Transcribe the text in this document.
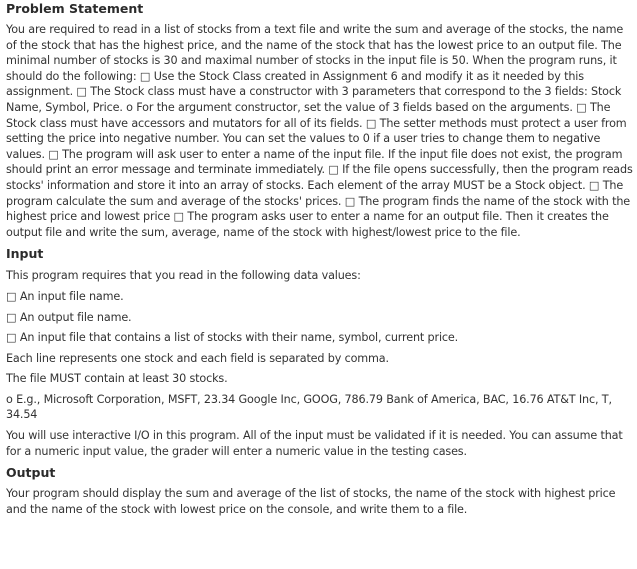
Problem Statement

You are required to read in a list of stocks from a text file and write the sum and average of the stocks, the name of the stock that has the highest price, and the name of the stock that has the lowest price to an output file. The minimal number of stocks is 30 and maximal number of stocks in the input file is 50. When the program runs, it should do the following: □ Use the Stock Class created in Assignment 6 and modify it as it needed by this assignment. □ The Stock class must have a constructor with 3 parameters that correspond to the 3 fields: Stock Name, Symbol, Price. o For the argument constructor, set the value of 3 fields based on the arguments. □ The Stock class must have accessors and mutators for all of its fields. □ The setter methods must protect a user from setting the price into negative number. You can set the values to 0 if a user tries to change them to negative values. □ The program will ask user to enter a name of the input file. If the input file does not exist, the program should print an error message and terminate immediately. □ If the file opens successfully, then the program reads stocks' information and store it into an array of stocks. Each element of the array MUST be a Stock object. □ The program calculate the sum and average of the stocks' prices. □ The program finds the name of the stock with the highest price and lowest price □ The program asks user to enter a name for an output file. Then it creates the output file and write the sum, average, name of the stock with highest/lowest price to the file.

Input

This program requires that you read in the following data values:

□ An input file name.

□ An output file name.

□ An input file that contains a list of stocks with their name, symbol, current price.

Each line represents one stock and each field is separated by comma.

The file MUST contain at least 30 stocks.

o E.g., Microsoft Corporation, MSFT, 23.34 Google Inc, GOOG, 786.79 Bank of America, BAC, 16.76 AT&T Inc, T, 34.54

You will use interactive I/O in this program. All of the input must be validated if it is needed. You can assume that for a numeric input value, the grader will enter a numeric value in the testing cases.

Output

Your program should display the sum and average of the list of stocks, the name of the stock with highest price and the name of the stock with lowest price on the console, and write them to a file.
